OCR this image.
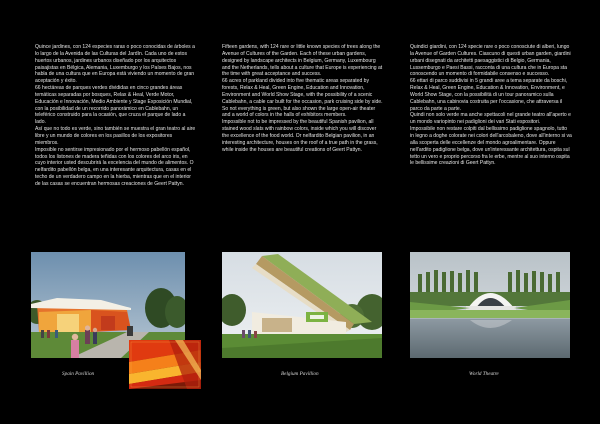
Quince jardines, con 124 especies raras o poco conocidas de árboles a lo largo de la Avenida de las Culturas del Jardín. Cada uno de estos huertos urbanos, jardines urbanos diseñado por los arquitectos paisajistas en Bélgica, Alemania, Luxemburgo y los Países Bajos, nos habla de una cultura que en Europa está viviendo un momento de gran aceptación y éxito.

66 hectáreas de parques verdes divididas en cinco grandes áreas temáticas separadas por bosques, Relax & Heal, Verde Motor, Educación e Innovación, Medio Ambiente y Stage Exposición Mundial, con la posibilidad de un recorrido panorámico en Cablebahn, un teleférico construido para la ocasión, que cruza el parque de lado a lado.

Así que no todo es verde, sino también se muestra el gran teatro al aire libre y un mundo de colores en los pasillos de los expositores miembros.

Imposible no sentirse impresionado por el hermoso pabellón español, todos los listones de madera teñidas con los colores del arco iris, en cuyo interior usted descubrirá la excelencia del mundo de alimentos. O neIfardito pabellón belga, en una interesante arquitectura, casas en el techo de un verdadero campo en la hierba, mientras que en el interior de las casas se encuentran hermosas creaciones de Geert Pattyn.

Fifteen gardens, with 124 rare or little known species of trees along the Avenue of Cultures of the Garden. Each of these urban gardens, designed by landscape architects in Belgium, Germany, Luxembourg and the Netherlands, tells about a culture that Europe is experiencing at the time with great acceptance and success.

66 acres of parkland divided into five thematic areas separated by forests, Relax & Heal, Green Engine, Education and Innovation, Environment and World Show Stage, with the possibility of a scenic Cablebahn, a cable car built for the occasion, park cruising side by side.

So not everything is green, but also shown the large open-air theater and a world of colors in the halls of exhibitors members.

Impossible not to be impressed by the beautiful Spanish pavilion, all stained wood slats with rainbow colors, inside which you will discover the excellence of the food world. Or neIfardito Belgian pavilion, in an interesting architecture, houses on the roof of a true path in the grass, while inside the houses are beautiful creations of Geert Pattyn.

Quindici giardini, con 124 specie rare o poco conosciute di alberi, lungo la Avenue of Garden Cultures. Ciascuno di questi urban garden, giardini urbani disegnati da architetti paesaggistici di Belgio, Germania, Lussemburgo e Paesi Bassi, racconta di una cultura che in Europa sta conoscendo un momento di formidabile consenso e successo.

66 ettari di parco suddivisi in 5 grandi aree a tema separate da boschi, Relax & Heal, Green Engine, Education & Innovation, Environment, e World Show Stage, con la possibilità di un tour panoramico sulla Cablebahn, una cabinovia costruita per l'occasione, che attraversa il parco da parte a parte.

Quindi non solo verde ma anche spettacoli nel grande teatro all'aperto e un mondo variopinto nei padiglioni dei vari Stati espositori.

Impossibile non restare colpiti dal bellissimo padiglione spagnolo, tutto in legno a doghe colorate nei colori dell'arcobaleno, dove all'interno si va alla scoperta delle eccellenze del mondo agroalimentare. Oppure nell'ardito padiglione belga, dove un'interessante architettura, ospita sul tetto un vero e proprio percorso fra le erbe, mentre al suo interno ospita le bellissime creazioni di Geert Pattyn.

Spain Pavillion	Belgium Pavillion	World Theatre
